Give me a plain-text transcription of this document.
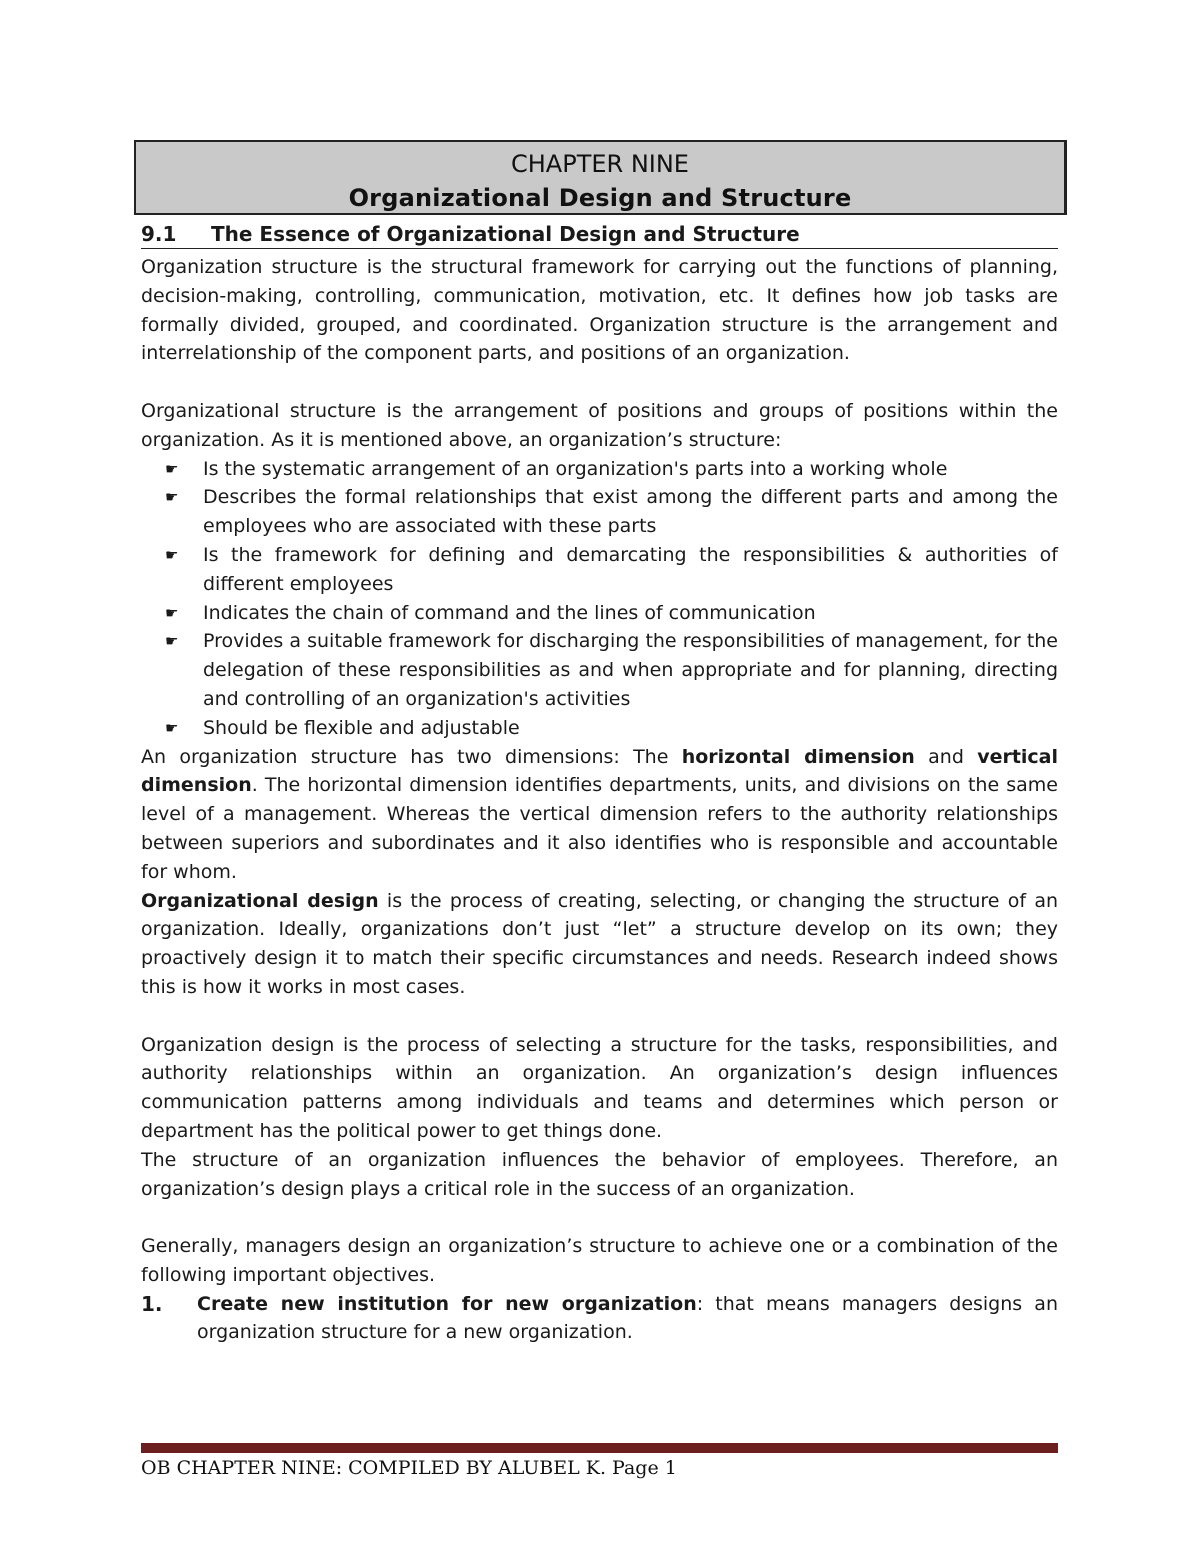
CHAPTER NINE
Organizational Design and Structure
9.1	The Essence of Organizational Design and Structure

Organization structure is the structural framework for carrying out the functions of planning, decision-making, controlling, communication, motivation, etc. It defines how job tasks are formally divided, grouped, and coordinated. Organization structure is the arrangement and interrelationship of the component parts, and positions of an organization.

Organizational structure is the arrangement of positions and groups of positions within the organization. As it is mentioned above, an organization’s structure:

☛ Is the systematic arrangement of an organization's parts into a working whole
☛ Describes the formal relationships that exist among the different parts and among the employees who are associated with these parts
☛ Is the framework for defining and demarcating the responsibilities & authorities of different employees
☛ Indicates the chain of command and the lines of communication
☛ Provides a suitable framework for discharging the responsibilities of management, for the delegation of these responsibilities as and when appropriate and for planning, directing and controlling of an organization's activities
☛ Should be flexible and adjustable

An organization structure has two dimensions: The horizontal dimension and vertical dimension. The horizontal dimension identifies departments, units, and divisions on the same level of a management. Whereas the vertical dimension refers to the authority relationships between superiors and subordinates and it also identifies who is responsible and accountable for whom.

Organizational design is the process of creating, selecting, or changing the structure of an organization. Ideally, organizations don’t just “let” a structure develop on its own; they proactively design it to match their specific circumstances and needs. Research indeed shows this is how it works in most cases.

Organization design is the process of selecting a structure for the tasks, responsibilities, and authority relationships within an organization. An organization’s design influences communication patterns among individuals and teams and determines which person or department has the political power to get things done.

The structure of an organization influences the behavior of employees. Therefore, an organization’s design plays a critical role in the success of an organization.

Generally, managers design an organization’s structure to achieve one or a combination of the following important objectives.

1. Create new institution for new organization: that means managers designs an organization structure for a new organization.
OB CHAPTER NINE: COMPILED BY ALUBEL K. Page 1
